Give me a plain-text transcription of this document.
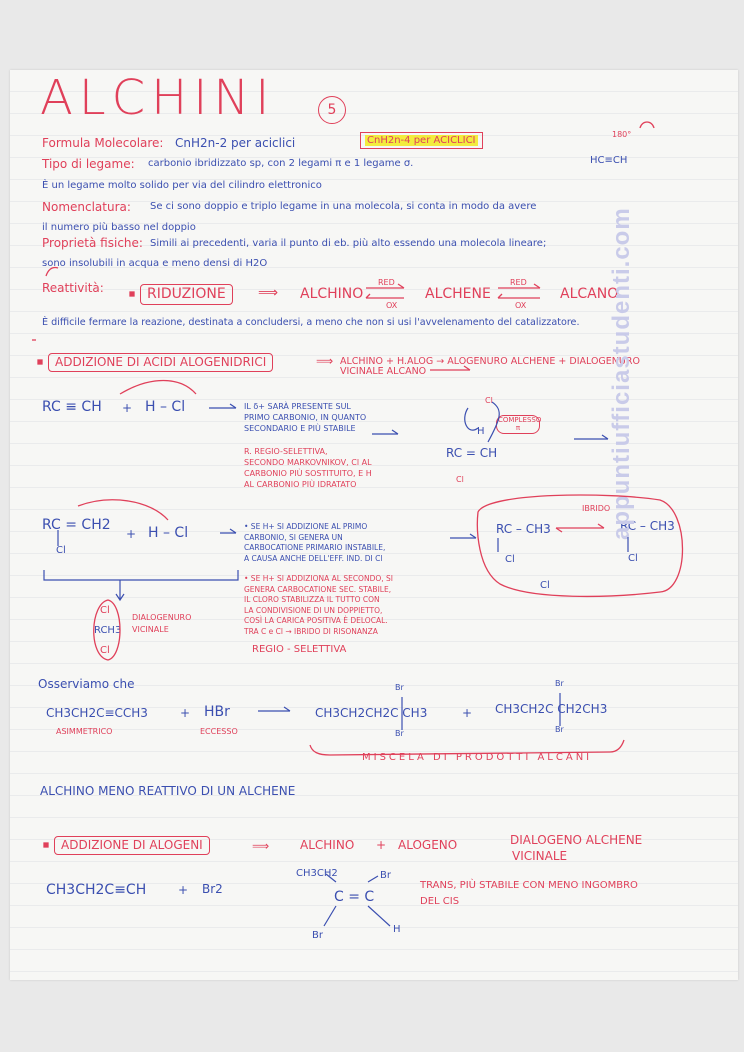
ALCHINI	5
Formula Molecolare: CnH2n-2 per aciclici	CnH2n-4 per ACICLICI
180°
HC≡CH
Tipo di legame: carbonio ibridizzato sp, con 2 legami π e 1 legame σ.
È un legame molto solido per via del cilindro elettronico
Nomenclatura: Se ci sono doppio e triplo legame in una molecola, si conta in modo da avere
il numero più basso nel doppio
Proprietà fisiche: Simili ai precedenti, varia il punto di eb. più alto essendo una molecola lineare;
sono insolubili in acqua e meno densi di H2O
Reattività:	RIDUZIONE	⟹ ALCHINO
RED
OX
ALCHENE
RED
OX
ALCANO
È difficile fermare la reazione, destinata a concludersi, a meno che non si usi l'avvelenamento del catalizzatore.
ADDIZIONE DI ACIDI ALOGENIDRICI	⟹ ALCHINO + H.ALOG → ALOGENURO ALCHENE + DIALOGENURO VICINALE ALCANO
RC ≡ CH + H – Cl	IL δ+ SARÀ PRESENTE SUL
PRIMO CARBONIO, IN QUANTO
SECONDARIO E PIÙ STABILE
R. REGIO-SELETTIVA,
SECONDO MARKOVNIKOV, Cl AL
CARBONIO PIÙ SOSTITUITO, E H
AL CARBONIO PIÙ IDRATATO
Cl
COMPLESSO π
H
RC = CH
Cl
RC = CH2
Cl
+ H – Cl	• SE H+ SI ADDIZIONE AL PRIMO
CARBONIO, SI GENERA UN
CARBOCATIONE PRIMARIO INSTABILE,
A CAUSA ANCHE DELL'EFF. IND. DI Cl
• SE H+ SI ADDIZIONA AL SECONDO, SI
GENERA CARBOCATIONE SEC. STABILE,
IL CLORO STABILIZZA IL TUTTO CON
LA CONDIVISIONE DI UN DOPPIETTO,
COSÌ LA CARICA POSITIVA È DELOCAL.
TRA C e Cl → IBRIDO DI RISONANZA
REGIO - SELETTIVA
IBRIDO
RC – CH3
Cl
RC – CH3
Cl
Cl
Cl
RCH3
Cl
DIALOGENURO
VICINALE
Osserviamo che
CH3CH2C≡CCH3
ASIMMETRICO
+ HBr
ECCESSO
Br
CH3CH2CH2C CH3
Br
+
Br
CH3CH2C CH2CH3
Br
MISCELA DI PRODOTTI ALCANI
ALCHINO MENO REATTIVO DI UN ALCHENE
ADDIZIONE DI ALOGENI	⟹	ALCHINO + ALOGENO	DIALOGENO ALCHENE
VICINALE
CH3CH2C≡CH	+ Br2
CH3CH2	Br
C = C
Br
H
TRANS, PIÙ STABILE CON MENO INGOMBRO
DEL CIS
appuntiufficiastudenti.com
